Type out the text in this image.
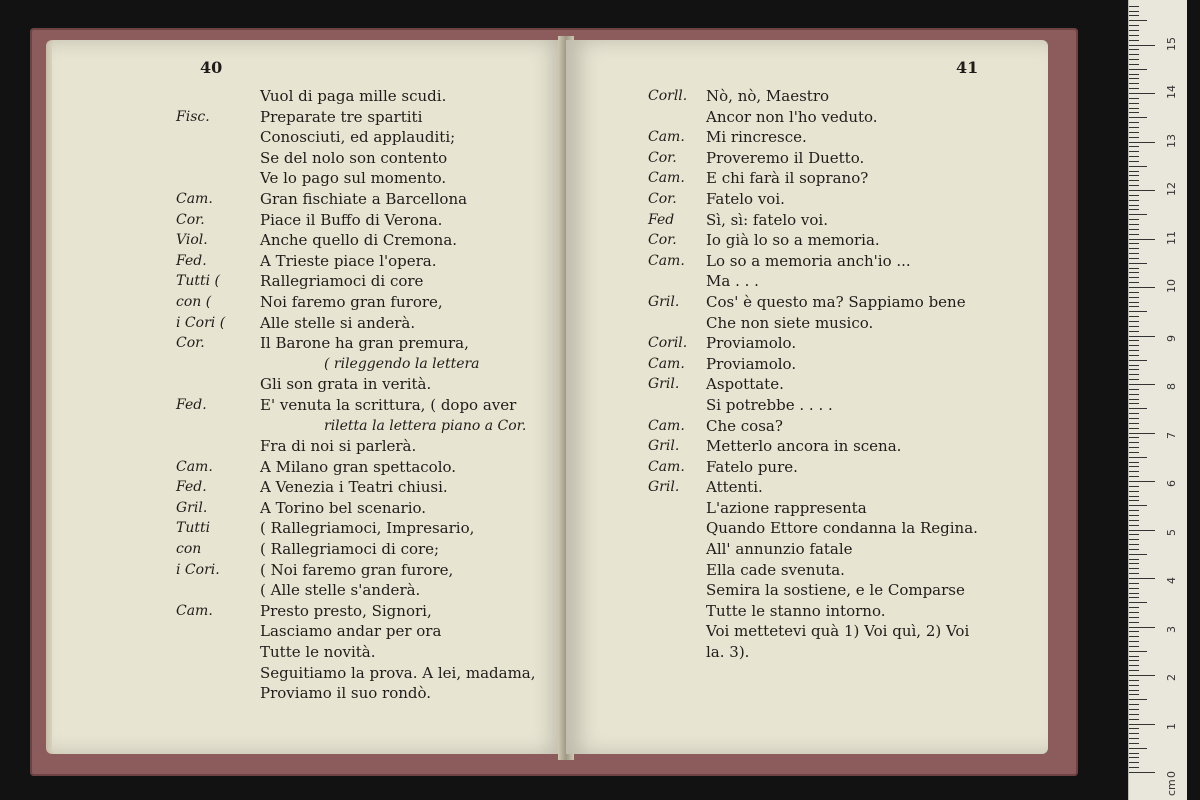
40
Vuol di paga mille scudi.
Fisc.	Preparate tre spartiti
Conosciuti, ed applauditi;
Se del nolo son contento
Ve lo pago sul momento.
Cam.	Gran fischiate a Barcellona
Cor.	Piace il Buffo di Verona.
Viol.	Anche quello di Cremona.
Fed.	A Trieste piace l'opera.
Tutti (	Rallegriamoci di core
con (	Noi faremo gran furore,
i Cori ( Alle stelle si anderà.
Cor.	Il Barone ha gran premura,
( rileggendo la lettera
Gli son grata in verità.
Fed.	E' venuta la scrittura, ( dopo aver
riletta la lettera piano a Cor.
Fra di noi si parlerà.
Cam.	A Milano gran spettacolo.
Fed.	A Venezia i Teatri chiusi.
Gril.	A Torino bel scenario.
Tutti	( Rallegriamoci, Impresario,
con	( Rallegriamoci di core;
i Cori.	( Noi faremo gran furore,
( Alle stelle s'anderà.
Cam.	Presto presto, Signori,
Lasciamo andar per ora
Tutte le novità.
Seguitiamo la prova. A lei, madama,
Proviamo il suo rondò.
41
Corll. Nò, nò, Maestro
Ancor non l'ho veduto.
Cam. Mi rincresce.
Cor. Proveremo il Duetto.
Cam. E chi farà il soprano?
Cor. Fatelo voi.
Fed Sì, sì: fatelo voi.
Cor. Io già lo so a memoria.
Cam. Lo so a memoria anch'io ...
Ma . . .
Gril. Cos' è questo ma? Sappiamo bene
Che non siete musico.
Coril. Proviamolo.
Cam. Proviamolo.
Gril. Aspottate.
Si potrebbe . . . .
Cam. Che cosa?
Gril. Metterlo ancora in scena.
Cam. Fatelo pure.
Gril. Attenti.
L'azione rappresenta
Quando Ettore condanna la Regina.
All' annunzio fatale
Ella cade svenuta.
Semira la sostiene, e le Comparse
Tutte le stanno intorno.
Voi mettetevi quà 1) Voi quì, 2) Voi
la. 3).
0
1
2
3
4
5
6
7
8
9
10
11
12
13
14
15
cm
